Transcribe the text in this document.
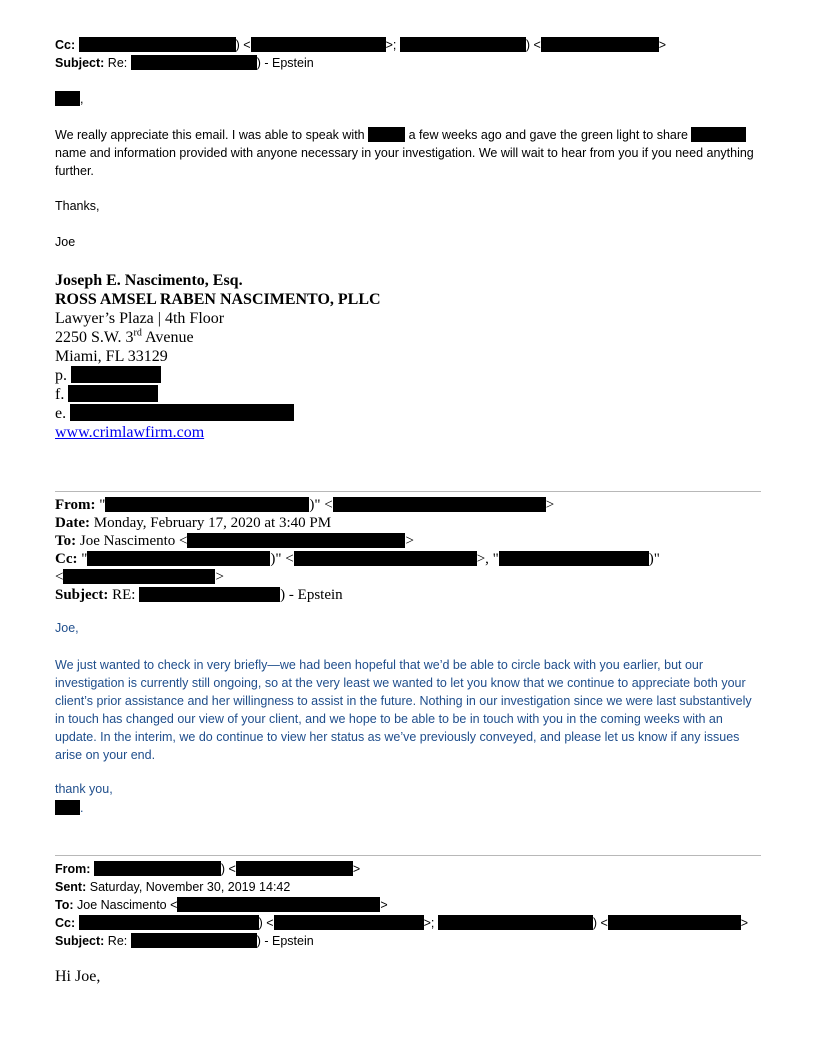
Cc:	) <	>;	) <	>
Subject: Re:	) - Epstein
,
We really appreciate this email. I was able to speak with	a few weeks ago and gave the green light to share  name and information provided with anyone necessary in your investigation. We will wait to hear from you if you need anything further.
Thanks,
Joe
Joseph E. Nascimento, Esq.
ROSS AMSEL RABEN NASCIMENTO, PLLC
Lawyer’s Plaza | 4th Floor
2250 S.W. 3rd Avenue
Miami, FL 33129
p.
f.
e.
www.crimlawfirm.com
From: "	)" <	>
Date: Monday, February 17, 2020 at 3:40 PM
To: Joe Nascimento <	>
Cc: "	)" <	>, "	)"
<	>
Subject: RE:	) - Epstein
Joe,
We just wanted to check in very briefly—we had been hopeful that we’d be able to circle back with you earlier, but our investigation is currently still ongoing, so at the very least we wanted to let you know that we continue to appreciate both your client’s prior assistance and her willingness to assist in the future. Nothing in our investigation since we were last substantively in touch has changed our view of your client, and we hope to be able to be in touch with you in the coming weeks with an update. In the interim, we do continue to view her status as we’ve previously conveyed, and please let us know if any issues arise on your end.
thank you,
.
From:	) <	>
Sent: Saturday, November 30, 2019 14:42
To: Joe Nascimento <	>
Cc:	) <	>;	) <	>
Subject: Re:	) - Epstein
Hi Joe,
